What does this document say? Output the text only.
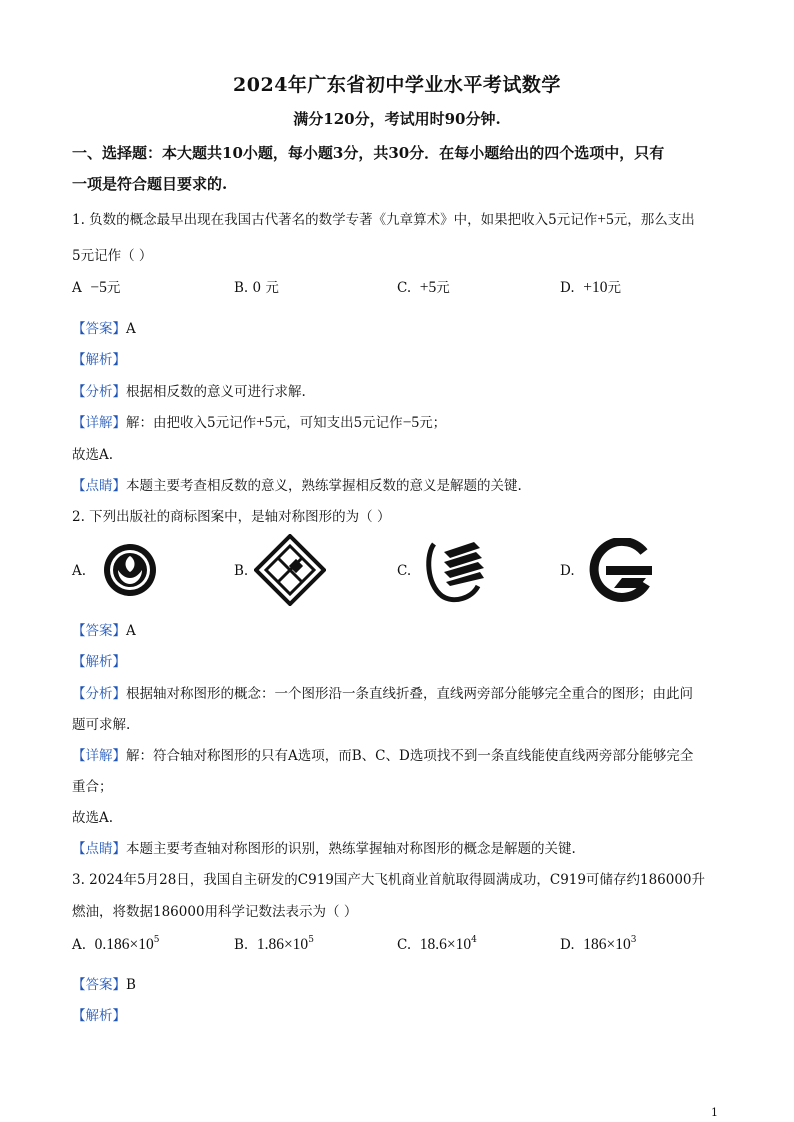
2024年广东省初中学业水平考试数学
满分120分，考试用时90分钟.
一、选择题：本大题共10小题，每小题3分，共30分．在每小题给出的四个选项中，只有
一项是符合题目要求的.
1. 负数的概念最早出现在我国古代著名的数学专著《九章算术》中，如果把收入5元记作+5元，那么支出
5元记作（ ）
A −5元	B. 0 元	C. +5元	D. +10元
【答案】A
【解析】
【分析】根据相反数的意义可进行求解.
【详解】解：由把收入5元记作+5元，可知支出5元记作−5元；
故选A.
【点睛】本题主要考查相反数的意义，熟练掌握相反数的意义是解题的关键.
2. 下列出版社的商标图案中，是轴对称图形的为（ ）
A.	B.	C.	D.
【答案】A
【解析】
【分析】根据轴对称图形的概念：一个图形沿一条直线折叠，直线两旁部分能够完全重合的图形；由此问
题可求解.
【详解】解：符合轴对称图形的只有A选项，而B、C、D选项找不到一条直线能使直线两旁部分能够完全
重合；
故选A.
【点睛】本题主要考查轴对称图形的识别，熟练掌握轴对称图形的概念是解题的关键.
3. 2024年5月28日，我国自主研发的C919国产大飞机商业首航取得圆满成功，C919可储存约186000升
燃油，将数据186000用科学记数法表示为（ ）
A. $0.186\times 10^5$	B. $1.86\times 10^5$	C. $18.6\times 10^4$	D. $186\times 10^3$
【答案】B
【解析】
1
